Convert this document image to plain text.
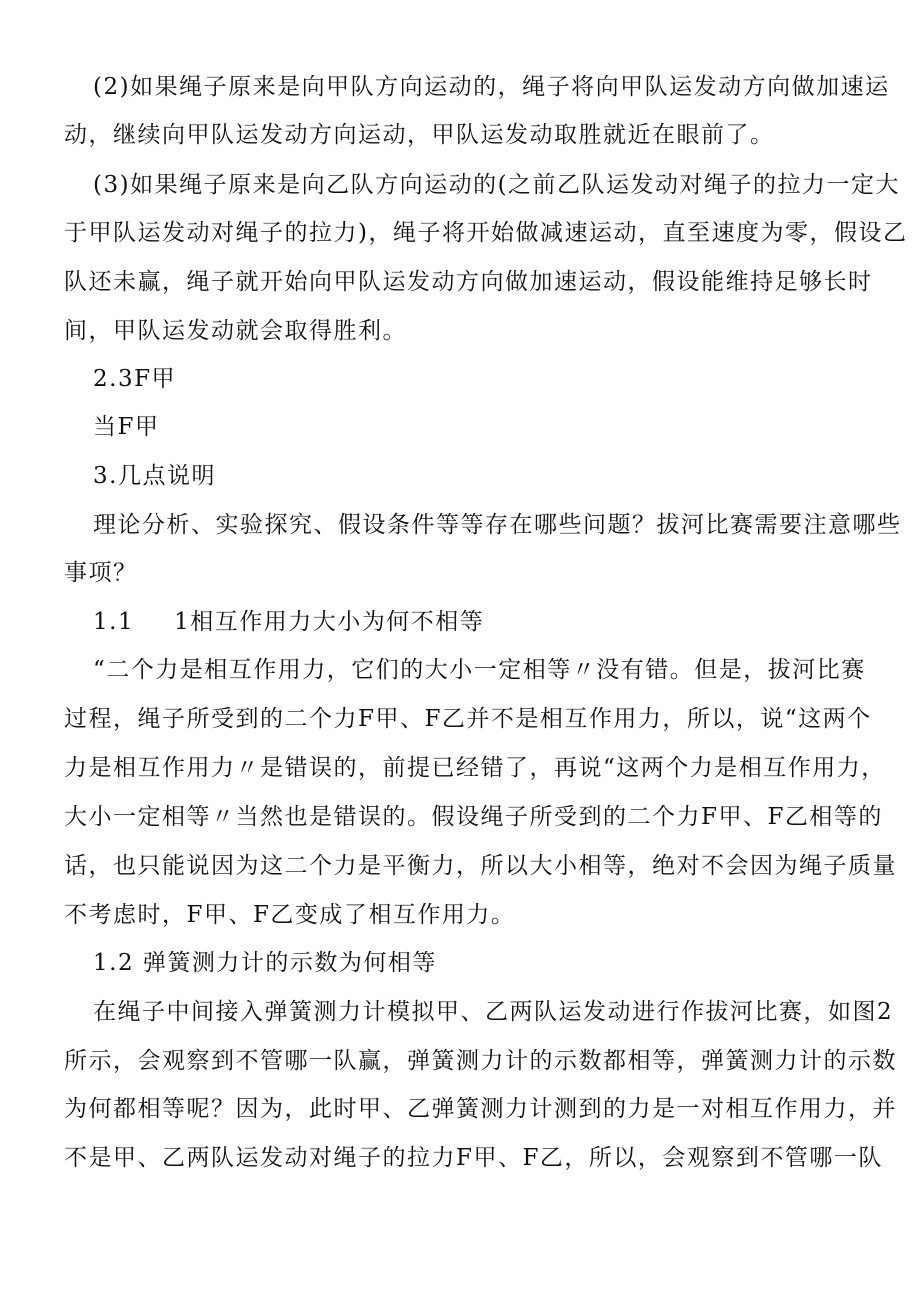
(2)如果绳子原来是向甲队方向运动的，绳子将向甲队运发动方向做加速运
动，继续向甲队运发动方向运动，甲队运发动取胜就近在眼前了。
(3)如果绳子原来是向乙队方向运动的(之前乙队运发动对绳子的拉力一定大
于甲队运发动对绳子的拉力)，绳子将开始做减速运动，直至速度为零，假设乙
队还未赢，绳子就开始向甲队运发动方向做加速运动，假设能维持足够长时
间，甲队运发动就会取得胜利。
2.3F甲
当F甲
3.几点说明
理论分析、实验探究、假设条件等等存在哪些问题？拔河比赛需要注意哪些
事项？
1.1 1相互作用力大小为何不相等
“二个力是相互作用力，它们的大小一定相等〃没有错。但是，拔河比赛
过程，绳子所受到的二个力F甲、F乙并不是相互作用力，所以，说“这两个
力是相互作用力〃是错误的，前提已经错了，再说“这两个力是相互作用力，
大小一定相等〃当然也是错误的。假设绳子所受到的二个力F甲、F乙相等的
话，也只能说因为这二个力是平衡力，所以大小相等，绝对不会因为绳子质量
不考虑时，F甲、F乙变成了相互作用力。
1.2 弹簧测力计的示数为何相等
在绳子中间接入弹簧测力计模拟甲、乙两队运发动进行作拔河比赛，如图2
所示，会观察到不管哪一队赢，弹簧测力计的示数都相等，弹簧测力计的示数
为何都相等呢？因为，此时甲、乙弹簧测力计测到的力是一对相互作用力，并
不是甲、乙两队运发动对绳子的拉力F甲、F乙，所以，会观察到不管哪一队
